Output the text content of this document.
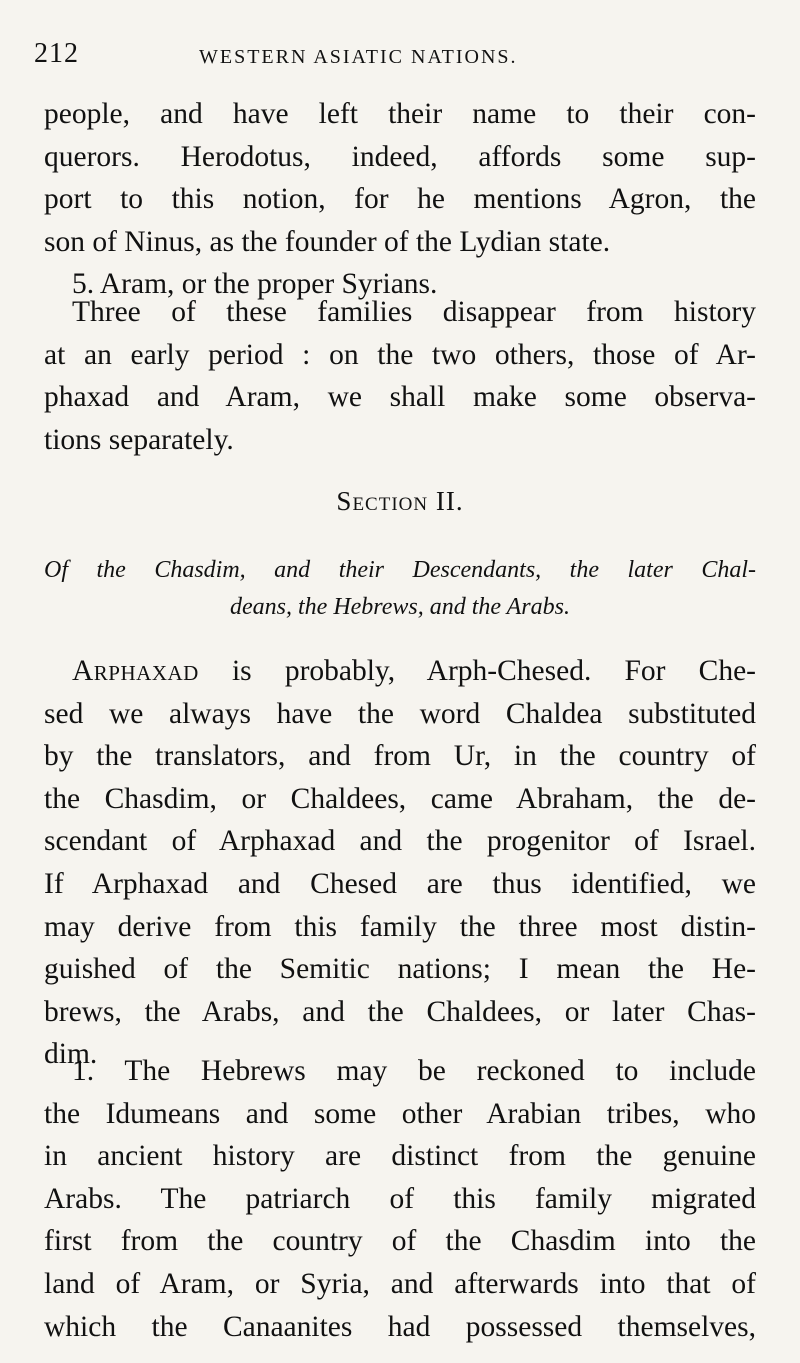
212	WESTERN ASIATIC NATIONS.
people, and have left their name to their con-
querors. Herodotus, indeed, affords some sup-
port to this notion, for he mentions Agron, the
son of Ninus, as the founder of the Lydian state.
5. Aram, or the proper Syrians.
Three of these families disappear from history
at an early period : on the two others, those of Ar-
phaxad and Aram, we shall make some observa-
tions separately.
Section II.
Of the Chasdim, and their Descendants, the later Chal-
deans, the Hebrews, and the Arabs.
Arphaxad is probably, Arph-Chesed. For Che-
sed we always have the word Chaldea substituted
by the translators, and from Ur, in the country of
the Chasdim, or Chaldees, came Abraham, the de-
scendant of Arphaxad and the progenitor of Israel.
If Arphaxad and Chesed are thus identified, we
may derive from this family the three most distin-
guished of the Semitic nations; I mean the He-
brews, the Arabs, and the Chaldees, or later Chas-
dim.
1. The Hebrews may be reckoned to include
the Idumeans and some other Arabian tribes, who
in ancient history are distinct from the genuine
Arabs. The patriarch of this family migrated
first from the country of the Chasdim into the
land of Aram, or Syria, and afterwards into that of
which the Canaanites had possessed themselves,
